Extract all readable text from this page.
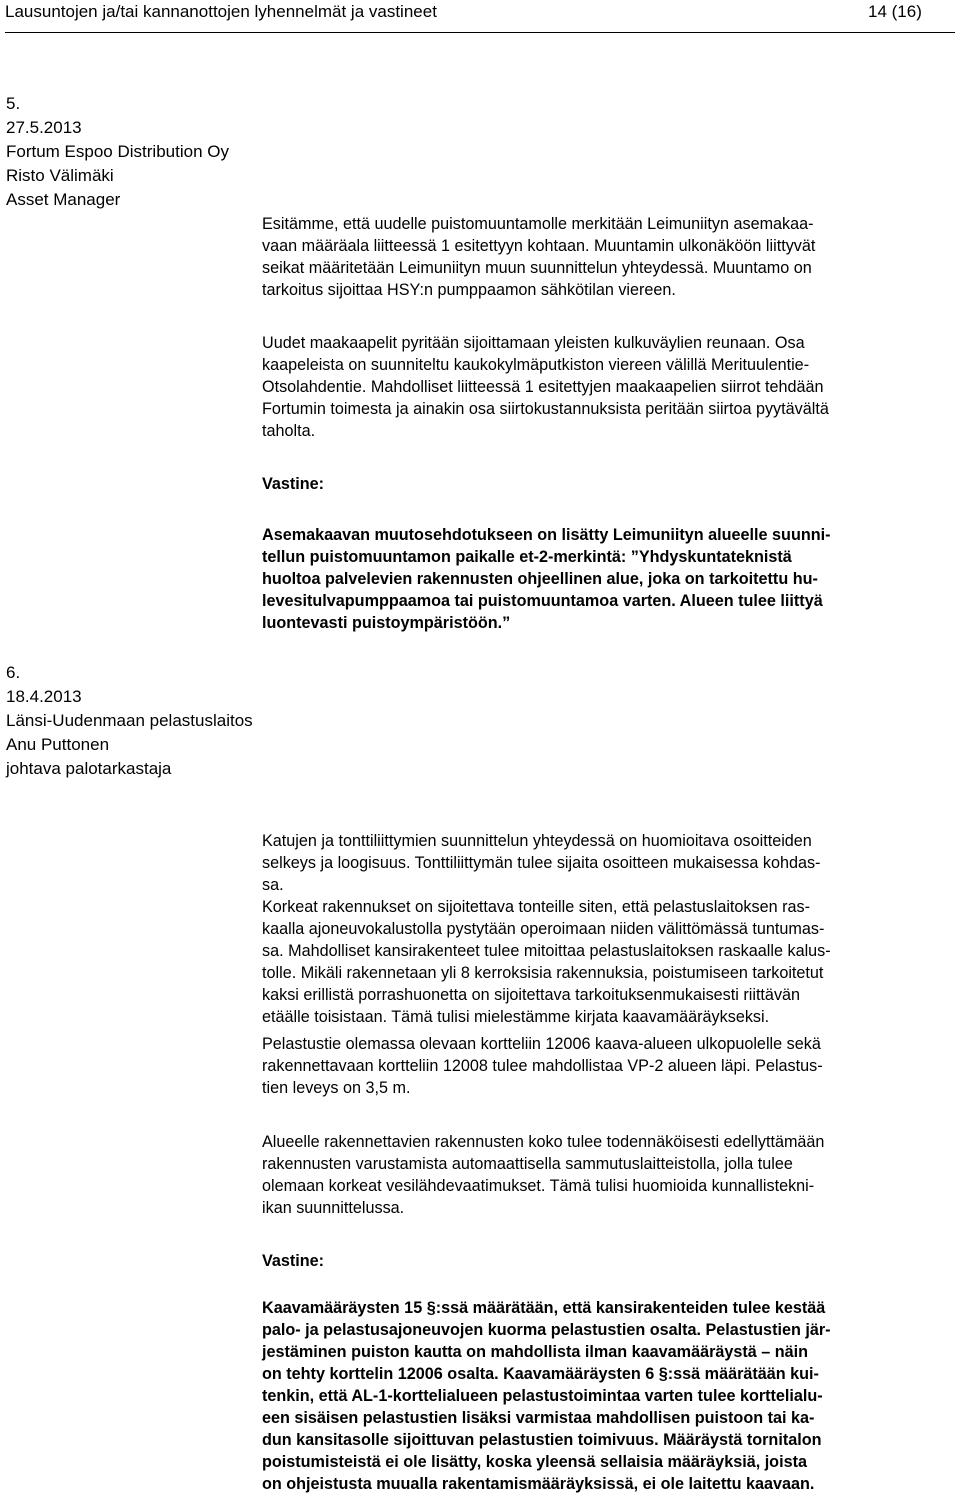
Lausuntojen ja/tai kannanottojen lyhennelmät ja vastineet	14 (16)
5.
27.5.2013
Fortum Espoo Distribution Oy
Risto Välimäki
Asset Manager

Esitämme, että uudelle puistomuuntamolle merkitään Leimuniityn asemakaa-

vaan määräala liitteessä 1 esitettyyn kohtaan. Muuntamin ulkonäköön liittyvät

seikat määritetään Leimuniityn muun suunnittelun yhteydessä. Muuntamo on

tarkoitus sijoittaa HSY:n pumppaamon sähkötilan viereen.

Uudet maakaapelit pyritään sijoittamaan yleisten kulkuväylien reunaan. Osa

kaapeleista on suunniteltu kaukokylmäputkiston viereen välillä Merituulentie-

Otsolahdentie. Mahdolliset liitteessä 1 esitettyjen maakaapelien siirrot tehdään

Fortumin toimesta ja ainakin osa siirtokustannuksista peritään siirtoa pyytävältä

taholta.

Vastine:

Asemakaavan muutosehdotukseen on lisätty Leimuniityn alueelle suunni-

tellun puistomuuntamon paikalle et-2-merkintä: ”Yhdyskuntateknistä

huoltoa palvelevien rakennusten ohjeellinen alue, joka on tarkoitettu hu-

levesitulvapumppaamoa tai puistomuuntamoa varten. Alueen tulee liittyä

luontevasti puistoympäristöön.”

6.
18.4.2013
Länsi-Uudenmaan pelastuslaitos
Anu Puttonen
johtava palotarkastaja

Katujen ja tonttiliittymien suunnittelun yhteydessä on huomioitava osoitteiden

selkeys ja loogisuus. Tonttiliittymän tulee sijaita osoitteen mukaisessa kohdas-

sa.

Korkeat rakennukset on sijoitettava tonteille siten, että pelastuslaitoksen ras-

kaalla ajoneuvokalustolla pystytään operoimaan niiden välittömässä tuntumas-

sa. Mahdolliset kansirakenteet tulee mitoittaa pelastuslaitoksen raskaalle kalus-

tolle. Mikäli rakennetaan yli 8 kerroksisia rakennuksia, poistumiseen tarkoitetut

kaksi erillistä porrashuonetta on sijoitettava tarkoituksenmukaisesti riittävän

etäälle toisistaan. Tämä tulisi mielestämme kirjata kaavamääräykseksi.

Pelastustie olemassa olevaan kortteliin 12006 kaava-alueen ulkopuolelle sekä

rakennettavaan kortteliin 12008 tulee mahdollistaa VP-2 alueen läpi. Pelastus-

tien leveys on 3,5 m.

Alueelle rakennettavien rakennusten koko tulee todennäköisesti edellyttämään

rakennusten varustamista automaattisella sammutuslaitteistolla, jolla tulee

olemaan korkeat vesilähdevaatimukset. Tämä tulisi huomioida kunnallistekni-

ikan suunnittelussa.

Vastine:

Kaavamääräysten 15 §:ssä määrätään, että kansirakenteiden tulee kestää

palo- ja pelastusajoneuvojen kuorma pelastustien osalta. Pelastustien jär-

jestäminen puiston kautta on mahdollista ilman kaavamääräystä – näin

on tehty korttelin 12006 osalta. Kaavamääräysten 6 §:ssä määrätään kui-

tenkin, että AL-1-korttelialueen pelastustoimintaa varten tulee korttelialu-

een sisäisen pelastustien lisäksi varmistaa mahdollisen puistoon tai ka-

dun kansitasolle sijoittuvan pelastustien toimivuus. Määräystä tornitalon

poistumisteistä ei ole lisätty, koska yleensä sellaisia määräyksiä, joista

on ohjeistusta muualla rakentamismääräyksissä, ei ole laitettu kaavaan.
